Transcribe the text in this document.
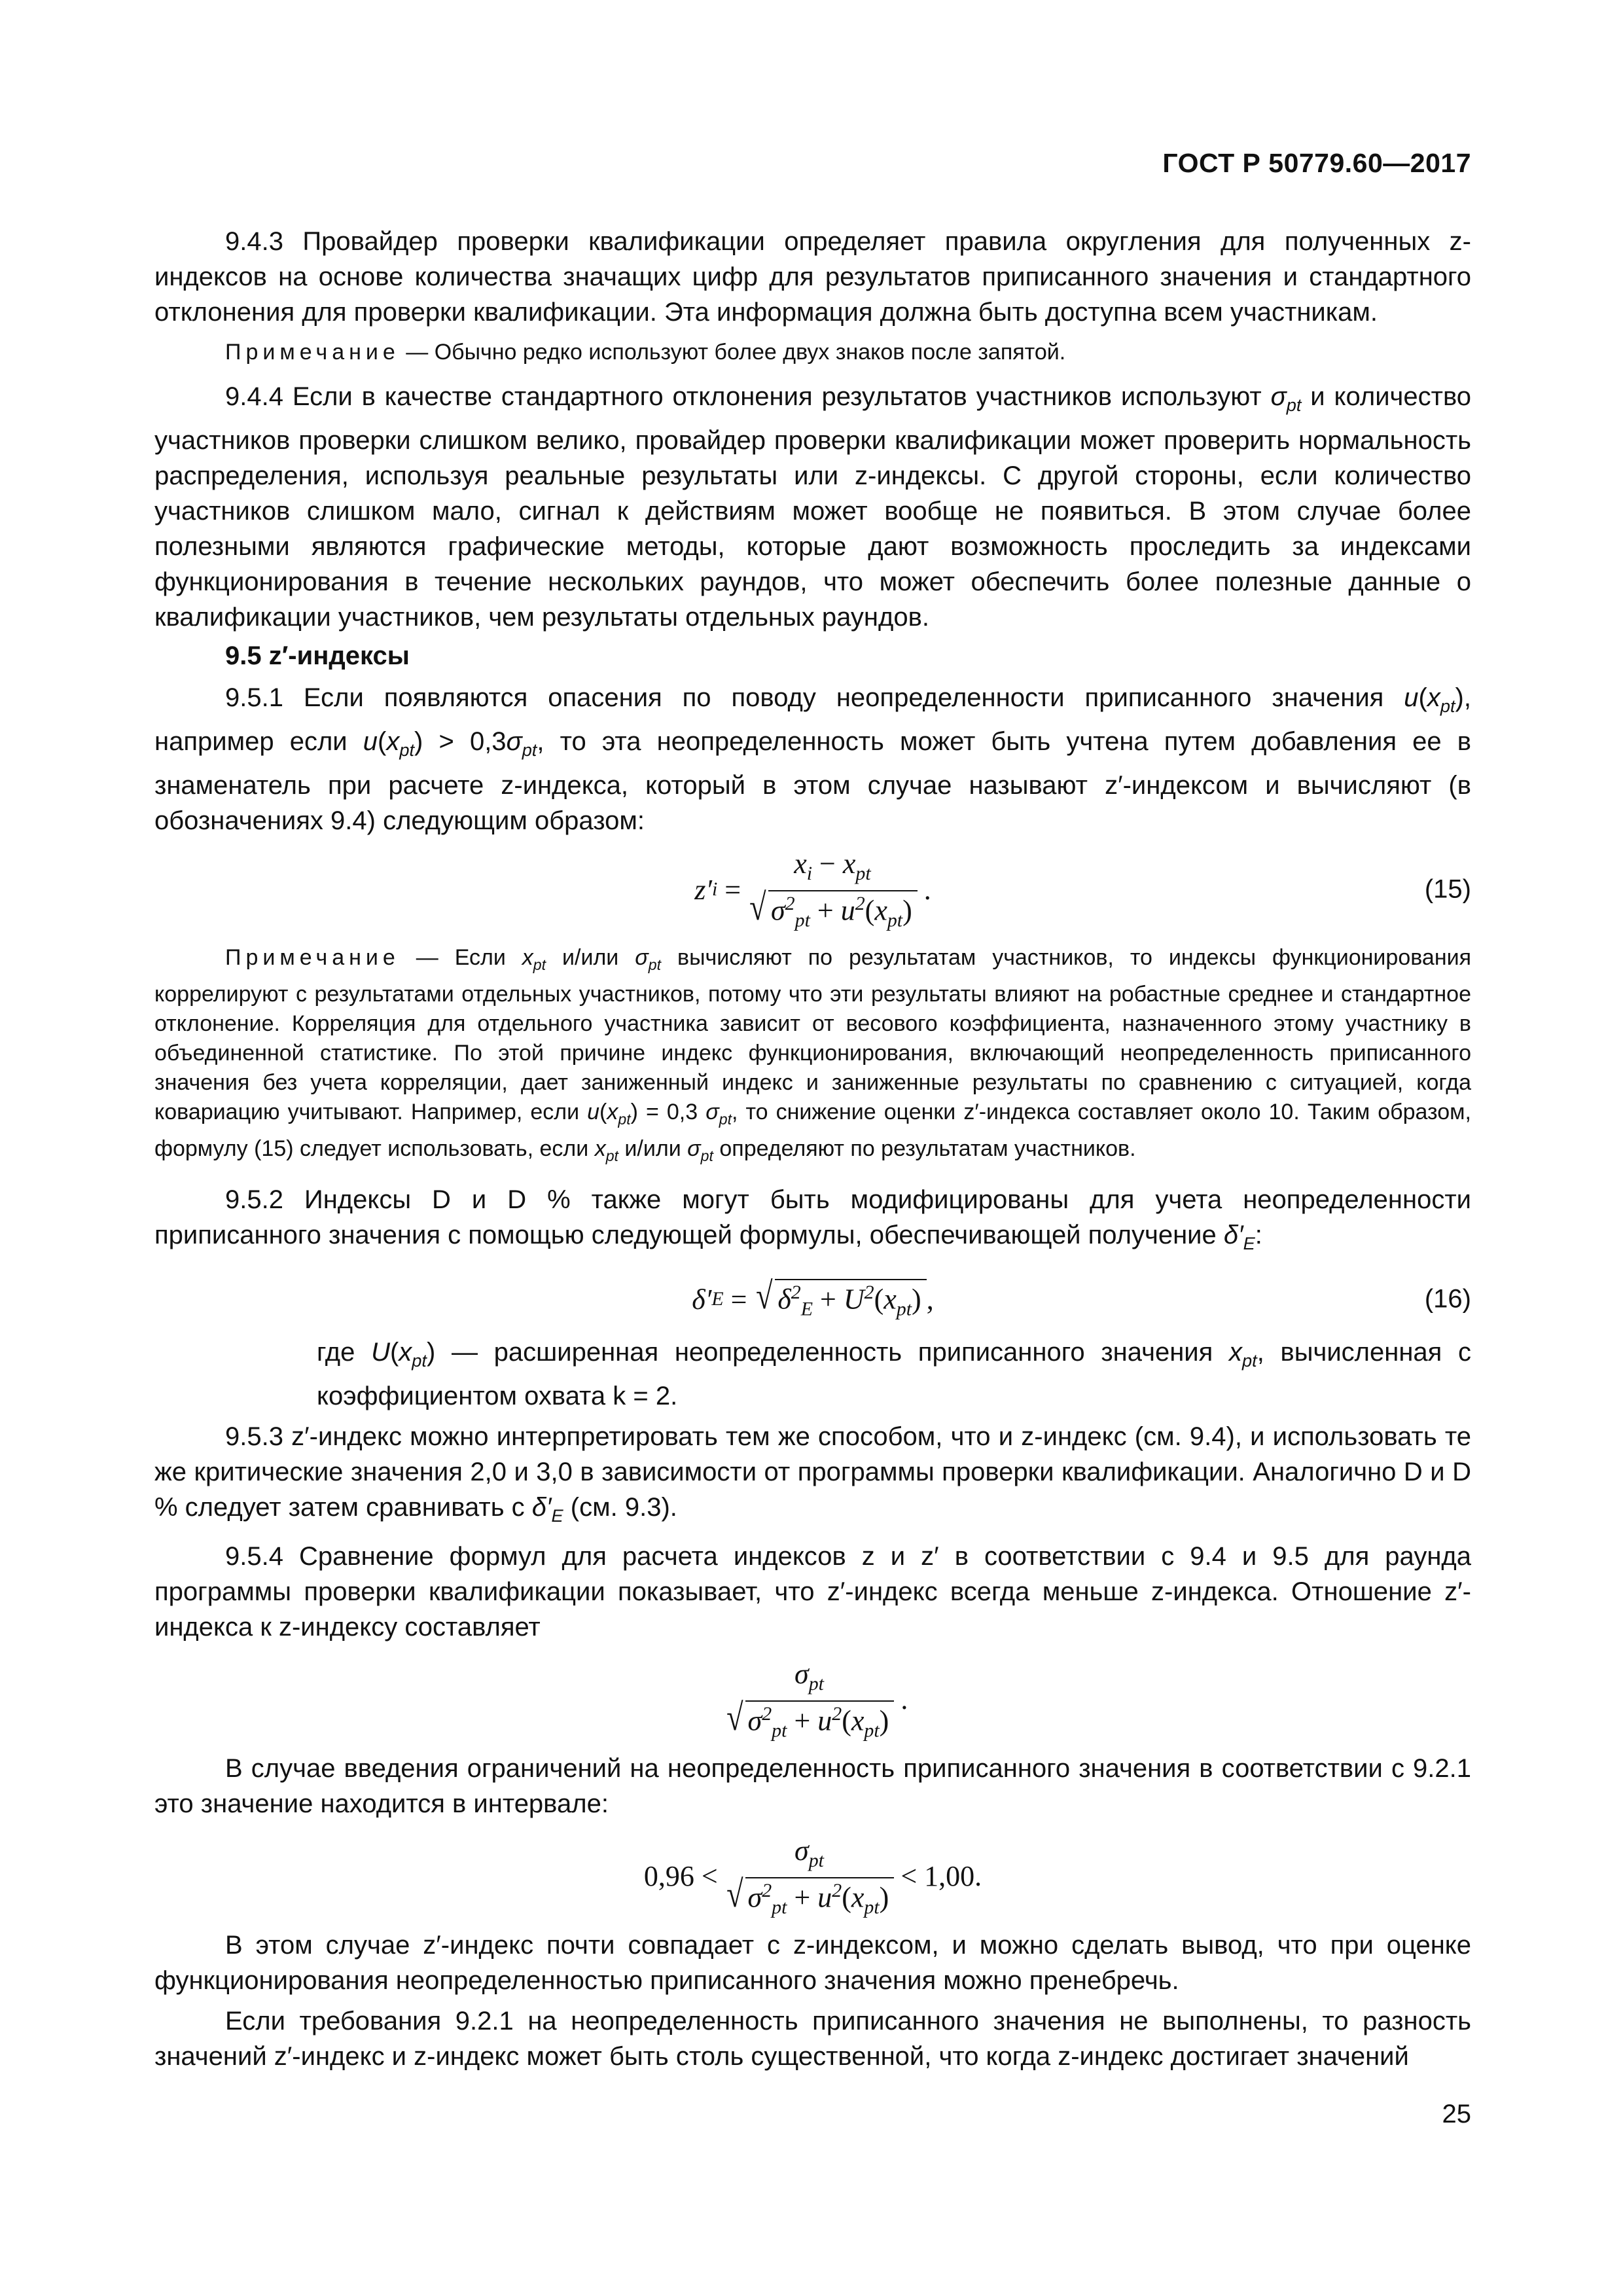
ГОСТ Р 50779.60—2017

9.4.3 Провайдер проверки квалификации определяет правила округления для полученных z-индексов на основе количества значащих цифр для результатов приписанного значения и стандартного отклонения для проверки квалификации. Эта информация должна быть доступна всем участникам.

Примечание — Обычно редко используют более двух знаков после запятой.

9.4.4 Если в качестве стандартного отклонения результатов участников используют $\sigma_{pt}$ и количество участников проверки слишком велико, провайдер проверки квалификации может проверить нормальность распределения, используя реальные результаты или z-индексы. С другой стороны, если количество участников слишком мало, сигнал к действиям может вообще не появиться. В этом случае более полезными являются графические методы, которые дают возможность проследить за индексами функционирования в течение нескольких раундов, что может обеспечить более полезные данные о квалификации участников, чем результаты отдельных раундов.

9.5 z′-индексы

9.5.1 Если появляются опасения по поводу неопределенности приписанного значения $u(x_{pt})$, например если $u(x_{pt}) > 0,3\sigma_{pt}$, то эта неопределенность может быть учтена путем добавления ее в знаменатель при расчете z-индекса, который в этом случае называют z′-индексом и вычисляют (в обозначениях 9.4) следующим образом:

z′ i
=
$x_i - x_{pt}$
√ $\sigma^2_{pt} + u^2(x_{pt})$
.	(15)

Примечание — Если $x_{pt}$ и/или $\sigma_{pt}$ вычисляют по результатам участников, то индексы функционирования коррелируют с результатами отдельных участников, потому что эти результаты влияют на робастные среднее и стандартное отклонение. Корреляция для отдельного участника зависит от весового коэффициента, назначенного этому участнику в объединенной статистике. По этой причине индекс функционирования, включающий неопределенность приписанного значения без учета корреляции, дает заниженный индекс и заниженные результаты по сравнению с ситуацией, когда ковариацию учитывают. Например, если $u(x_{pt}) = 0,3$ $\sigma_{pt}$, то снижение оценки z′-индекса составляет около 10. Таким образом, формулу (15) следует использовать, если $x_{pt}$ и/или $\sigma_{pt}$ определяют по результатам участников.

9.5.2 Индексы D и D % также могут быть модифицированы для учета неопределенности приписанного значения с помощью следующей формулы, обеспечивающей получение $\delta'_E$:

δ′ E
=
√ $\delta^2_E + U^2(x_{pt})$ ,	(16)

где $U(x_{pt})$ — расширенная неопределенность приписанного значения $x_{pt}$, вычисленная с коэффициентом охвата k = 2.

9.5.3 z′-индекс можно интерпретировать тем же способом, что и z-индекс (см. 9.4), и использовать те же критические значения 2,0 и 3,0 в зависимости от программы проверки квалификации. Аналогично D и D % следует затем сравнивать с $\delta'_E$ (см. 9.3).

9.5.4 Сравнение формул для расчета индексов z и z′ в соответствии с 9.4 и 9.5 для раунда программы проверки квалификации показывает, что z′-индекс всегда меньше z-индекса. Отношение z′-индекса к z-индексу составляет

$\sigma_{pt}$
√ $\sigma^2_{pt} + u^2(x_{pt})$
.

В случае введения ограничений на неопределенность приписанного значения в соответствии с 9.2.1 это значение находится в интервале:

0,96 <
$\sigma_{pt}$
√ $\sigma^2_{pt} + u^2(x_{pt})$
< 1,00.

В этом случае z′-индекс почти совпадает с z-индексом, и можно сделать вывод, что при оценке функционирования неопределенностью приписанного значения можно пренебречь.

Если требования 9.2.1 на неопределенность приписанного значения не выполнены, то разность значений z′-индекс и z-индекс может быть столь существенной, что когда z-индекс достигает значений

25
